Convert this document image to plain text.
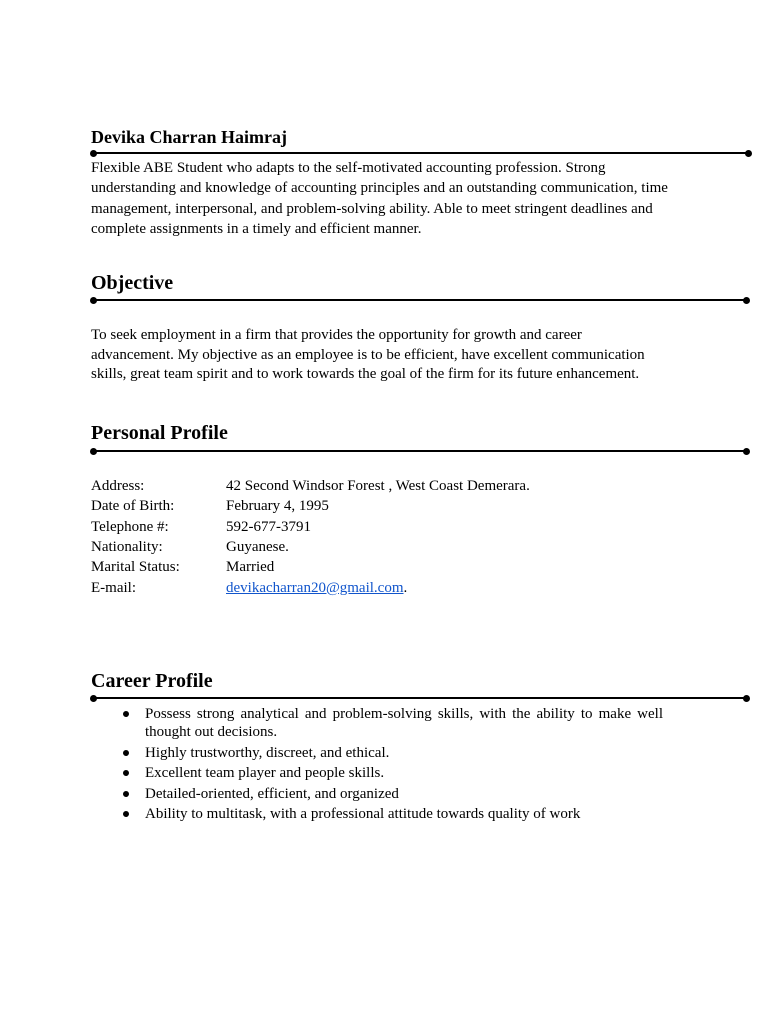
Devika Charran Haimraj
Flexible ABE Student who adapts to the self-motivated accounting profession. Strong
understanding and knowledge of accounting principles and an outstanding communication, time
management, interpersonal, and problem-solving ability. Able to meet stringent deadlines and
complete assignments in a timely and efficient manner.
Objective
To seek employment in a firm that provides the opportunity for growth and career
advancement. My objective as an employee is to be efficient, have excellent communication
skills, great team spirit and to work towards the goal of the firm for its future enhancement.
Personal Profile
Address:	42 Second Windsor Forest , West Coast Demerara.
Date of Birth:	February 4, 1995
Telephone #:	592-677-3791
Nationality:	Guyanese.
Marital Status:	Married
E-mail:	devikacharran20@gmail.com.
Career Profile
Possess strong analytical and problem-solving skills, with the ability to make well thought out decisions.
Highly trustworthy, discreet, and ethical.
Excellent team player and people skills.
Detailed-oriented, efficient, and organized
Ability to multitask, with a professional attitude towards quality of work
